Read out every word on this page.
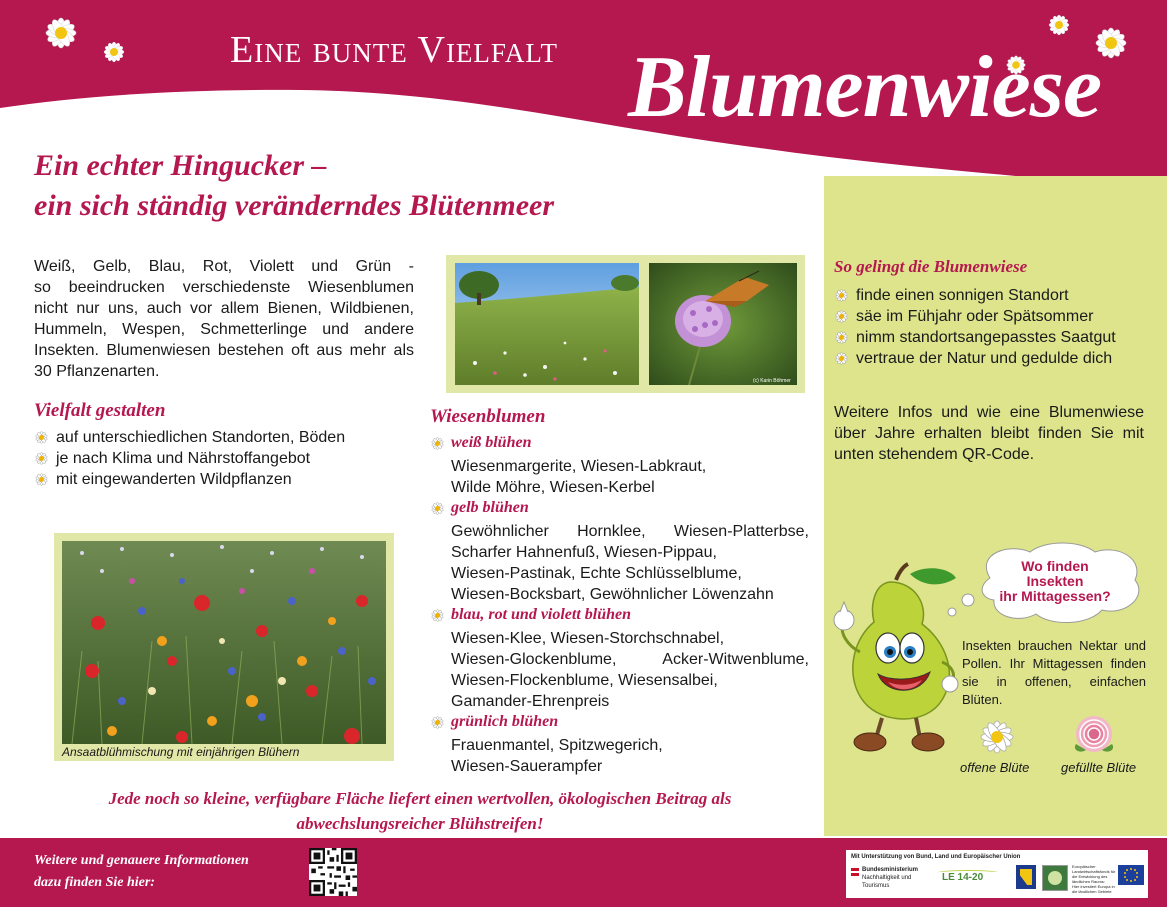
Eine bunte Vielfalt Blumenwiese
Ein echter Hingucker –
ein sich ständig veränderndes Blütenmeer
Weiß, Gelb, Blau, Rot, Violett und Grün -
so beeindrucken verschiedenste Wiesenblumen
nicht nur uns, auch vor allem Bienen, Wildbienen,
Hummeln, Wespen, Schmetterlinge und andere
Insekten. Blumenwiesen bestehen oft aus mehr als
30 Pflanzenarten.
Vielfalt gestalten
auf unterschiedlichen Standorten, Böden
je nach Klima und Nährstoffangebot
mit eingewanderten Wildpflanzen
(c) Karin Böhmer
Wiesenblumen
weiß blühen
Wiesenmargerite, Wiesen-Labkraut,
Wilde Möhre, Wiesen-Kerbel
gelb blühen
Gewöhnlicher Hornklee, Wiesen-Platterbse,
Scharfer Hahnenfuß, Wiesen-Pippau,
Wiesen-Pastinak, Echte Schlüsselblume,
Wiesen-Bocksbart, Gewöhnlicher Löwenzahn
blau, rot und violett blühen
Wiesen-Klee, Wiesen-Storchschnabel,
Wiesen-Glockenblume, Acker-Witwenblume,
Wiesen-Flockenblume, Wiesensalbei,
Gamander-Ehrenpreis
grünlich blühen
Frauenmantel, Spitzwegerich,
Wiesen-Sauerampfer
Ansaatblühmischung mit einjährigen Blühern
So gelingt die Blumenwiese
finde einen sonnigen Standort
säe im Fühjahr oder Spätsommer
nimm standortsangepasstes Saatgut
vertraue der Natur und gedulde dich
Weitere Infos und wie eine Blumenwiese
über Jahre erhalten bleibt finden Sie mit
unten stehendem QR-Code.
Wo finden
Insekten
ihr Mittagessen?
Insekten brauchen Nektar und
Pollen. Ihr Mittagessen finden
sie in offenen, einfachen
Blüten.
offene Blüte gefüllte Blüte
Jede noch so kleine, verfügbare Fläche liefert einen wertvollen, ökologischen Beitrag als
abwechslungsreicher Blühstreifen!
Weitere und genauere Informationen
dazu finden Sie hier:
Mit Unterstützung von Bund, Land und Europäischer Union
Bundesministerium
Nachhaltigkeit und
Tourismus
LE 14-20
Europäischer
Landwirtschaftsfonds für
die Entwicklung des
ländlichen Raums:
Hier investiert Europa in
die ländlichen Gebiete
